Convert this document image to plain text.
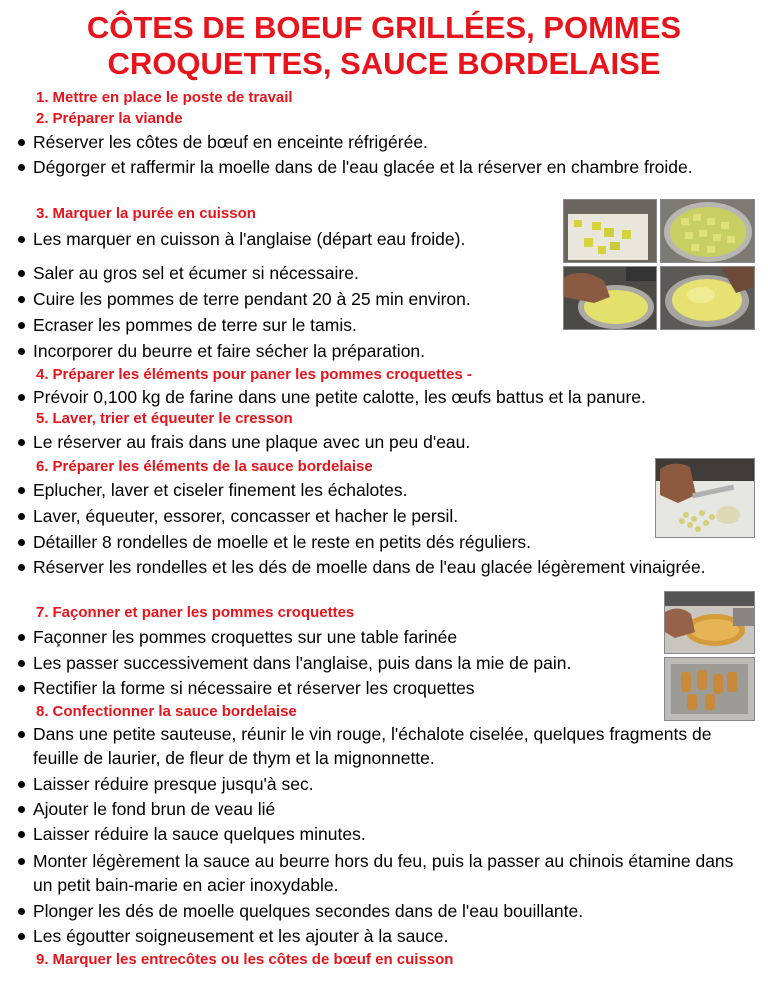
CÔTES DE BOEUF GRILLÉES, POMMES CROQUETTES, SAUCE BORDELAISE
1. Mettre en place le poste de travail
2. Préparer la viande
3. Marquer la purée en cuisson
4. Préparer les éléments pour paner les pommes croquettes -
5. Laver, trier et équeuter le cresson
6. Préparer les éléments de la sauce bordelaise
7. Façonner et paner les pommes croquettes
8. Confectionner la sauce bordelaise
9. Marquer les entrecôtes ou les côtes de bœuf en cuisson
Réserver les côtes de bœuf en enceinte réfrigérée.
Dégorger et raffermir la moelle dans de l'eau glacée et la réserver en chambre froide.
Les marquer en cuisson à l'anglaise (départ eau froide).
Saler au gros sel et écumer si nécessaire.
Cuire les pommes de terre pendant 20 à 25 min environ.
Ecraser les pommes de terre sur le tamis.
Incorporer du beurre et faire sécher la préparation.
Prévoir 0,100 kg de farine dans une petite calotte, les œufs battus et la panure.
Le réserver au frais dans une plaque avec un peu d'eau.
Eplucher, laver et ciseler finement les échalotes.
Laver, équeuter, essorer, concasser et hacher le persil.
Détailler 8 rondelles de moelle et le reste en petits dés réguliers.
Réserver les rondelles et les dés de moelle dans de l'eau glacée légèrement vinaigrée.
Façonner les pommes croquettes sur une table farinée
Les passer successivement dans l'anglaise, puis dans la mie de pain.
Rectifier la forme si nécessaire et réserver les croquettes
Dans une petite sauteuse, réunir le vin rouge, l'échalote ciselée, quelques fragments de feuille de laurier, de fleur de thym et la mignonnette.
Laisser réduire presque jusqu'à sec.
Ajouter le fond brun de veau lié
Laisser réduire la sauce quelques minutes.
Monter légèrement la sauce au beurre hors du feu, puis la passer au chinois étamine dans un petit bain-marie en acier inoxydable.
Plonger les dés de moelle quelques secondes dans de l'eau bouillante.
Les égoutter soigneusement et les ajouter à la sauce.
